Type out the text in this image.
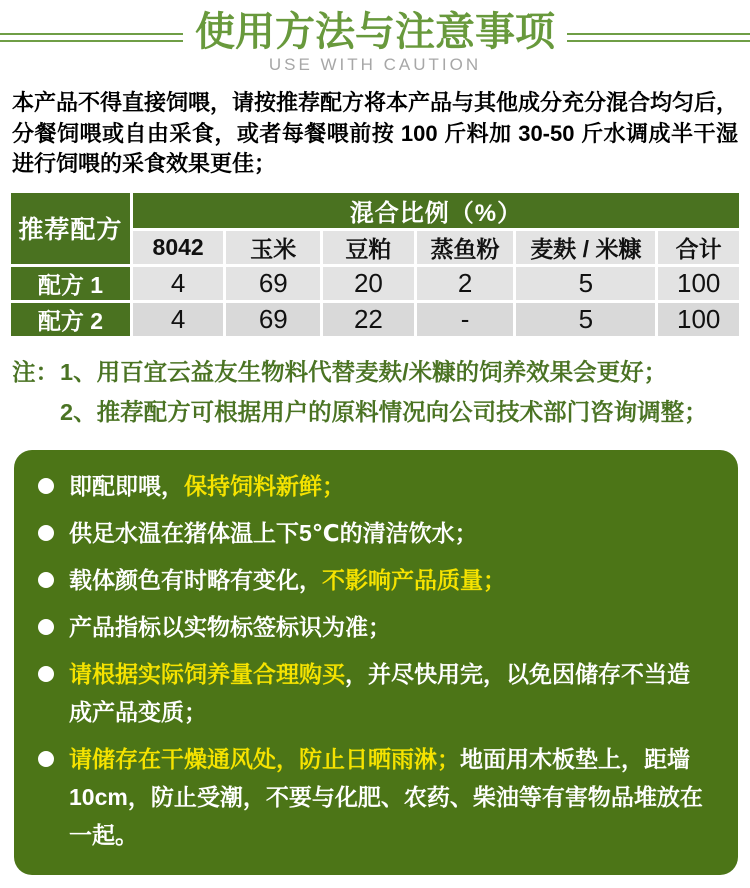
使用方法与注意事项
USE WITH CAUTION

本产品不得直接饲喂，请按推荐配方将本产品与其他成分充分混合均匀后，分餐饲喂或自由采食，或者每餐喂前按 100 斤料加 30-50 斤水调成半干湿进行饲喂的采食效果更佳；

推荐配方	混合比例（%）					
	8042	玉米	豆粕	蒸鱼粉	麦麸 / 米糠	合计
配方 1	4	69	20	2	5	100
配方 2	4	69	22	-	5	100
注： 1、用百宜云益友生物料代替麦麸/米糠的饲养效果会更好；
2、推荐配方可根据用户的原料情况向公司技术部门咨询调整；
即配即喂，保持饲料新鲜；
供足水温在猪体温上下5℃的清洁饮水；
载体颜色有时略有变化，不影响产品质量；
产品指标以实物标签标识为准；
请根据实际饲养量合理购买，并尽快用完，以免因储存不当造成产品变质；
请储存在干燥通风处，防止日晒雨淋；地面用木板垫上，距墙10cm，防止受潮，不要与化肥、农药、柴油等有害物品堆放在一起。
